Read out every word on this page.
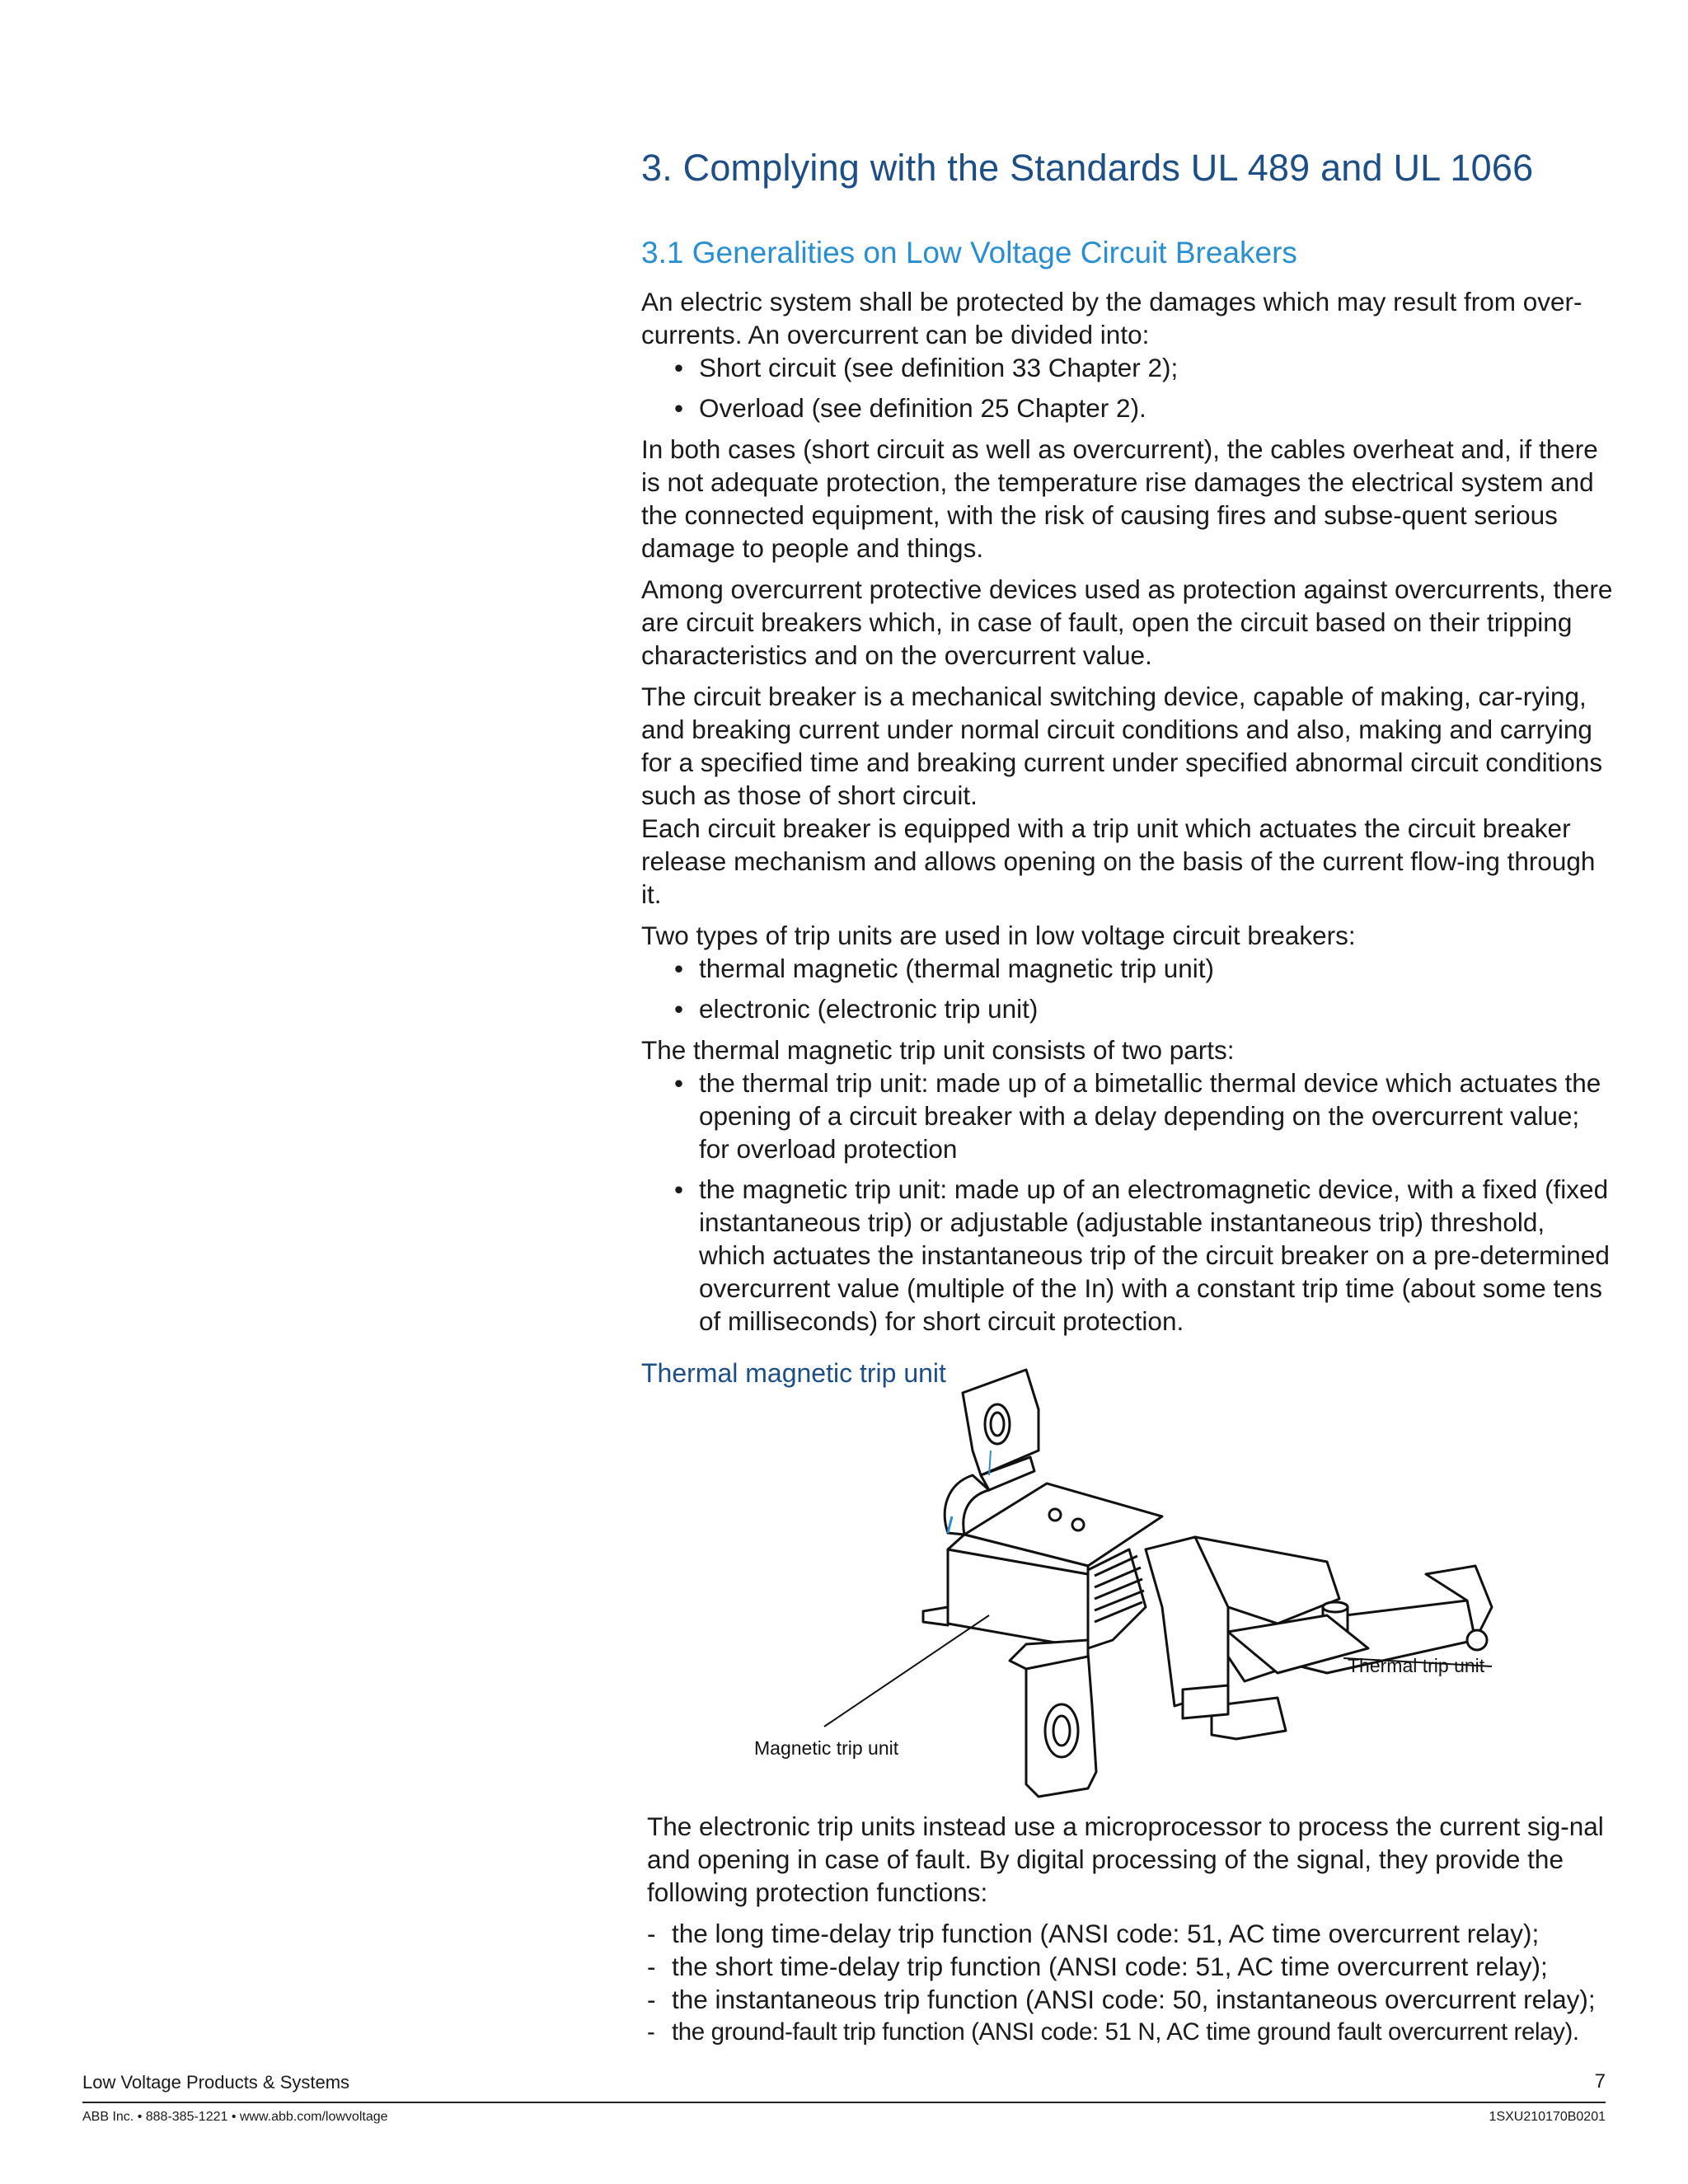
3. Complying with the Standards UL 489 and UL 1066
3.1 Generalities on Low Voltage Circuit Breakers

An electric system shall be protected by the damages which may result from over-currents. An overcurrent can be divided into:

• Short circuit (see definition 33 Chapter 2);
• Overload (see definition 25 Chapter 2).

In both cases (short circuit as well as overcurrent), the cables overheat and, if there is not adequate protection, the temperature rise damages the electrical system and the connected equipment, with the risk of causing fires and subse-quent serious damage to people and things.

Among overcurrent protective devices used as protection against overcurrents, there are circuit breakers which, in case of fault, open the circuit based on their tripping characteristics and on the overcurrent value.

The circuit breaker is a mechanical switching device, capable of making, car-rying, and breaking current under normal circuit conditions and also, making and carrying for a specified time and breaking current under specified abnormal circuit conditions such as those of short circuit.

Each circuit breaker is equipped with a trip unit which actuates the circuit breaker release mechanism and allows opening on the basis of the current flow-ing through it.

Two types of trip units are used in low voltage circuit breakers:

• thermal magnetic (thermal magnetic trip unit)
• electronic (electronic trip unit)

The thermal magnetic trip unit consists of two parts:

• the thermal trip unit: made up of a bimetallic thermal device which actuates the opening of a circuit breaker with a delay depending on the overcurrent value; for overload protection
• the magnetic trip unit: made up of an electromagnetic device, with a fixed (fixed instantaneous trip) or adjustable (adjustable instantaneous trip) threshold, which actuates the instantaneous trip of the circuit breaker on a pre-determined overcurrent value (multiple of the In) with a constant trip time (about some tens of milliseconds) for short circuit protection.
Thermal magnetic trip unit
Thermal trip unit
Magnetic trip unit

The electronic trip units instead use a microprocessor to process the current sig-nal and opening in case of fault. By digital processing of the signal, they provide the following protection functions:

- the long time-delay trip function (ANSI code: 51, AC time overcurrent relay);
- the short time-delay trip function (ANSI code: 51, AC time overcurrent relay);
- the instantaneous trip function (ANSI code: 50, instantaneous overcurrent relay);
- the ground-fault trip function (ANSI code: 51 N, AC time ground fault overcurrent relay).
Low Voltage Products & Systems	7
ABB Inc. • 888-385-1221 • www.abb.com/lowvoltage	1SXU210170B0201
